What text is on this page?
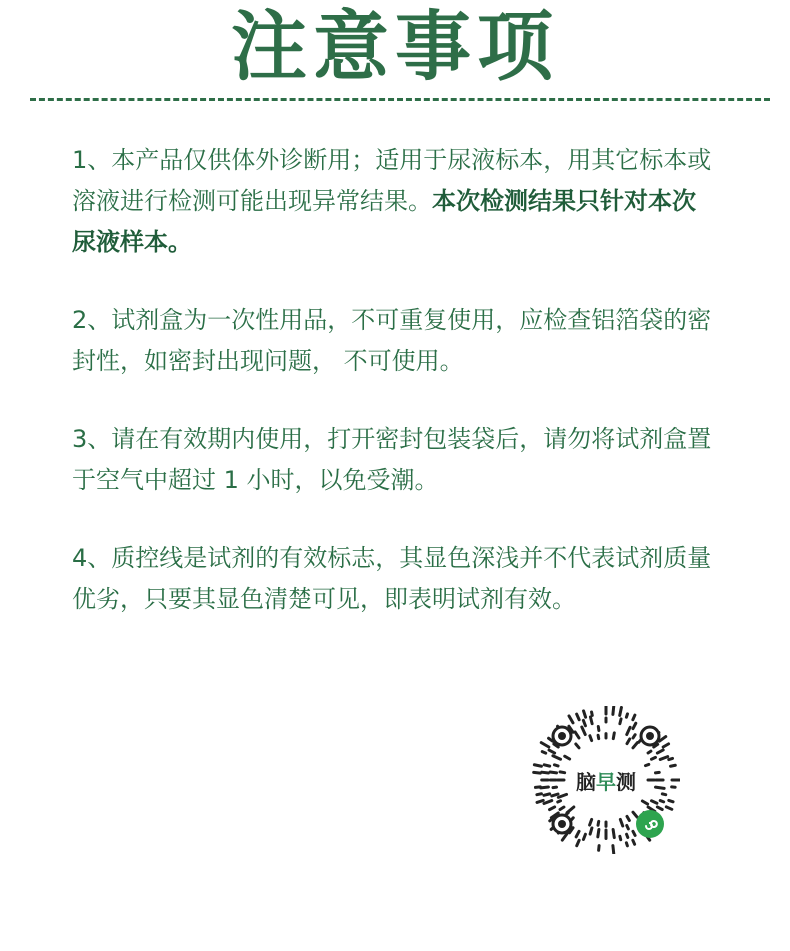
注意事项

1、本产品仅供体外诊断用；适用于尿液标本，用其它标本或溶液进行检测可能出现异常结果。本次检测结果只针对本次尿液样本。

2、试剂盒为一次性用品，不可重复使用，应检查铝箔袋的密封性，如密封出现问题， 不可使用。

3、请在有效期内使用，打开密封包装袋后，请勿将试剂盒置于空气中超过 1 小时，以免受潮。

4、质控线是试剂的有效标志，其显色深浅并不代表试剂质量优劣，只要其显色清楚可见，即表明试剂有效。

脑 早 测
